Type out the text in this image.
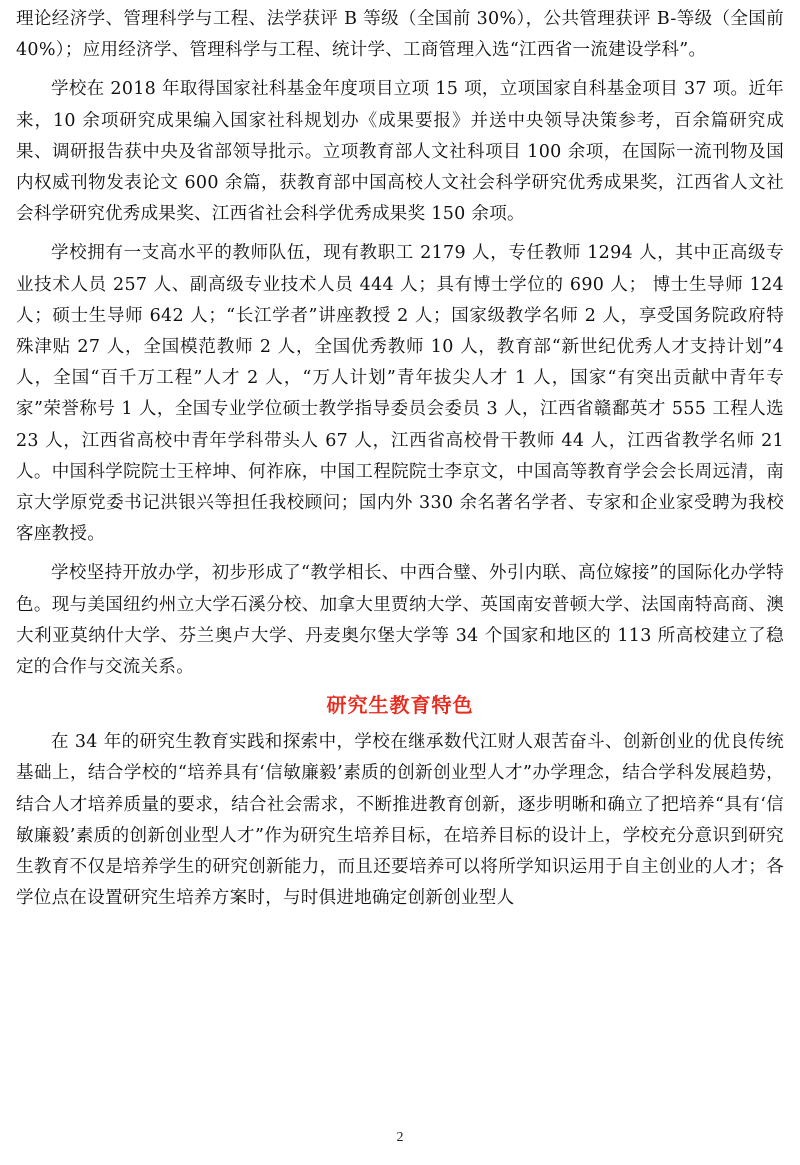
理论经济学、管理科学与工程、法学获评 B 等级（全国前 30%），公共管理获评 B-等级（全国前 40%）；应用经济学、管理科学与工程、统计学、工商管理入选“江西省一流建设学科”。

学校在 2018 年取得国家社科基金年度项目立项 15 项，立项国家自科基金项目 37 项。近年来，10 余项研究成果编入国家社科规划办《成果要报》并送中央领导决策参考，百余篇研究成果、调研报告获中央及省部领导批示。立项教育部人文社科项目 100 余项，在国际一流刊物及国内权威刊物发表论文 600 余篇，获教育部中国高校人文社会科学研究优秀成果奖，江西省人文社会科学研究优秀成果奖、江西省社会科学优秀成果奖 150 余项。

学校拥有一支高水平的教师队伍，现有教职工 2179 人，专任教师 1294 人，其中正高级专业技术人员 257 人、副高级专业技术人员 444 人；具有博士学位的 690 人； 博士生导师 124 人；硕士生导师 642 人；“长江学者”讲座教授 2 人；国家级教学名师 2 人，享受国务院政府特殊津贴 27 人，全国模范教师 2 人，全国优秀教师 10 人，教育部“新世纪优秀人才支持计划”4 人，全国“百千万工程”人才 2 人，“万人计划”青年拔尖人才 1 人，国家“有突出贡献中青年专家”荣誉称号 1 人，全国专业学位硕士教学指导委员会委员 3 人，江西省赣鄱英才 555 工程人选 23 人，江西省高校中青年学科带头人 67 人，江西省高校骨干教师 44 人，江西省教学名师 21 人。中国科学院院士王梓坤、何祚庥，中国工程院院士李京文，中国高等教育学会会长周远清，南京大学原党委书记洪银兴等担任我校顾问；国内外 330 余名著名学者、专家和企业家受聘为我校客座教授。

学校坚持开放办学，初步形成了“教学相长、中西合璧、外引内联、高位嫁接”的国际化办学特色。现与美国纽约州立大学石溪分校、加拿大里贾纳大学、英国南安普顿大学、法国南特高商、澳大利亚莫纳什大学、芬兰奥卢大学、丹麦奥尔堡大学等 34 个国家和地区的 113 所高校建立了稳定的合作与交流关系。

研究生教育特色

在 34 年的研究生教育实践和探索中，学校在继承数代江财人艰苦奋斗、创新创业的优良传统基础上，结合学校的“培养具有‘信敏廉毅’素质的创新创业型人才”办学理念，结合学科发展趋势，结合人才培养质量的要求，结合社会需求，不断推进教育创新，逐步明晰和确立了把培养“具有‘信敏廉毅’素质的创新创业型人才”作为研究生培养目标，在培养目标的设计上，学校充分意识到研究生教育不仅是培养学生的研究创新能力，而且还要培养可以将所学知识运用于自主创业的人才；各学位点在设置研究生培养方案时，与时俱进地确定创新创业型人

2
